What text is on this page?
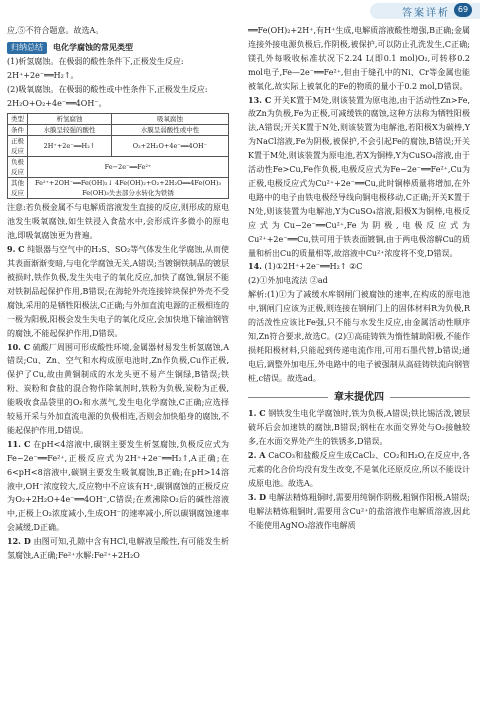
答案详析 69

应,⑤不符合题意。故选A。

归纳总结	电化学腐蚀的常见类型

(1)析氢腐蚀。在极弱的酸性条件下,正极发生反应:

2H⁺+2e⁻══H₂↑。

(2)吸氧腐蚀。在极弱的酸性或中性条件下,正极发生反应:

2H₂O+O₂+4e⁻══4OH⁻。

类型	析氢腐蚀	吸氧腐蚀
条件	水膜呈较强的酸性	水膜呈弱酸性或中性
正极反应	2H⁺+2e⁻══H₂↑	O₂+2H₂O+4e⁻══4OH⁻
负极反应	Fe−2e⁻══Fe²⁺	
其他反应	Fe²⁺+2OH⁻══Fe(OH)₂↓ 4Fe(OH)₂+O₂+2H₂O══4Fe(OH)₃ Fe(OH)₃失去部分水转化为铁锈	

注意:若负极金属不与电解质溶液发生直接的反应,则形成的原电池发生吸氧腐蚀,如生铁浸入食盐水中,会形成许多微小的原电池,即吸氧腐蚀更为普遍。

9. C 纯银器与空气中的H₂S、SO₂等气体发生化学腐蚀,从而使其表面渐渐变暗,与电化学腐蚀无关,A错误;当镀铜铁制品的镀层被损时,铁作负极,发生失电子的氧化反应,加快了腐蚀,铜层不能对铁制品起保护作用,B错误;在海轮外壳连接锌块保护外壳不受腐蚀,采用的是牺牲阳极法,C正确;与外加直流电源的正极相连的一极为阳极,阳极会发生失电子的氧化反应,会加快地下输油钢管的腐蚀,不能起保护作用,D错误。

10. C 硫酸厂周围可形成酸性环境,金属器材易发生析氢腐蚀,A错误;Cu、Zn、空气和水构成原电池时,Zn作负极,Cu作正极,保护了Cu,故由黄铜制成的水龙头更不易产生铜绿,B错误;铁粉、炭粉和食盐的混合物作除氧剂时,铁粉为负极,炭粉为正极,能吸收食品袋里的O₂和水蒸气,发生电化学腐蚀,C正确;应选择较易开采与外加直流电源的负极相连,否则会加快船身的腐蚀,不能起保护作用,D错误。

11. C 在pH<4溶液中,碳钢主要发生析氢腐蚀,负极反应式为Fe−2e⁻══Fe²⁺,正极反应式为2H⁺+2e⁻══H₂↑,A正确;在6<pH<8溶液中,碳钢主要发生吸氧腐蚀,B正确;在pH>14溶液中,OH⁻浓度较大,反应物中不应该有H⁺,碳钢腐蚀的正极反应为O₂+2H₂O+4e⁻══4OH⁻,C错误;在煮沸除O₂后的碱性溶液中,正极上O₂浓度减小,生成OH⁻的速率减小,所以碳钢腐蚀速率会减缓,D正确。

12. D 由图可知,孔隙中含有HCl,电解液呈酸性,有可能发生析氢腐蚀,A正确;Fe²⁺水解:Fe²⁺+2H₂O

══Fe(OH)₂+2H⁺,有H⁺生成,电解质溶液酸性增强,B正确;金属连接外接电源负极后,作阴极,被保护,可以防止孔洗发生,C正确;镁孔外每吸收标准状况下2.24 L(即0.1 mol)O₂,可转移0.2 mol电子,Fe—2e⁻══Fe²⁺,但由于缝孔中的Ni、Cr等金属也能被氧化,故实际上被氧化的Fe的物质的量小于0.2 mol,D错误。

13. C 开关K置于M处,则该装置为原电池,由于活动性Zn>Fe,故Zn为负极,Fe为正极,可减缓铁的腐蚀,这种方法称为牺牲阳极法,A错误;开关K置于N处,则该装置为电解池,若阳极X为碳棒,Y为NaCl溶液,Fe为阴极,被保护,不会引起Fe的腐蚀,B错误;开关K置于M处,则该装置为原电池,若X为铜棒,Y为CuSO₄溶液,由于活动性Fe>Cu,Fe作负极,电极反应式为Fe−2e⁻══Fe²⁺,Cu为正极,电极反应式为Cu²⁺+2e⁻══Cu,此时铜棒质量将增加,在外电路中的电子由铁电极经导线向铜电极移动,C正确;开关K置于N处,则该装置为电解池,Y为CuSO₄溶液,阳极X为铜棒,电极反应式为Cu−2e⁻══Cu²⁺,Fe为阴极,电极反应式为Cu²⁺+2e⁻══Cu,铁可用于铁表面镀铜,由于两电极溶解Cu的质量和析出Cu的质量相等,故溶液中Cu²⁺浓度将不变,D错误。

14. (1)①2H⁺+2e⁻══H₂↑ ②C

(2)①外加电流法 ②ad

解析:(1)①为了减缓水库钢闸门被腐蚀的速率,在构成的原电池中,钢闸门应该为正极,则连接在钢闸门上的固体材料R为负极,R的活泼性应该比Fe强,只不能与水发生反应,由金属活动性顺序知,Zn符合要求,故选C。(2)①高硅铸铁为惰性辅助阳极,不能作损耗阳极材料,只能起到传递电流作用,可用石墨代替,b错误;通电后,调整外加电压,外电路中的电子被强制从高硅铸铁流向钢管桩,c错误。故选ad。

章末提优四

1. C 钢铁发生电化学腐蚀时,铁为负极,A错误;铁比锡活泼,镀层破坏后会加速铁的腐蚀,B错误;钢柱在水面交界处与O₂接触较多,在水面交界处产生的铁锈多,D错误。

2. A CaCO₃和盐酸反应生成CaCl₂、CO₂和H₂O,在反应中,各元素的化合价均没有发生改变,不是氧化还原反应,所以不能设计成原电池。故选A。

3. D 电解法精炼粗铜时,需要用纯铜作阴极,粗铜作阳极,A错误;电解法精炼粗铜时,需要用含Cu²⁺的盐溶液作电解质溶液,因此不能使用AgNO₃溶液作电解质
